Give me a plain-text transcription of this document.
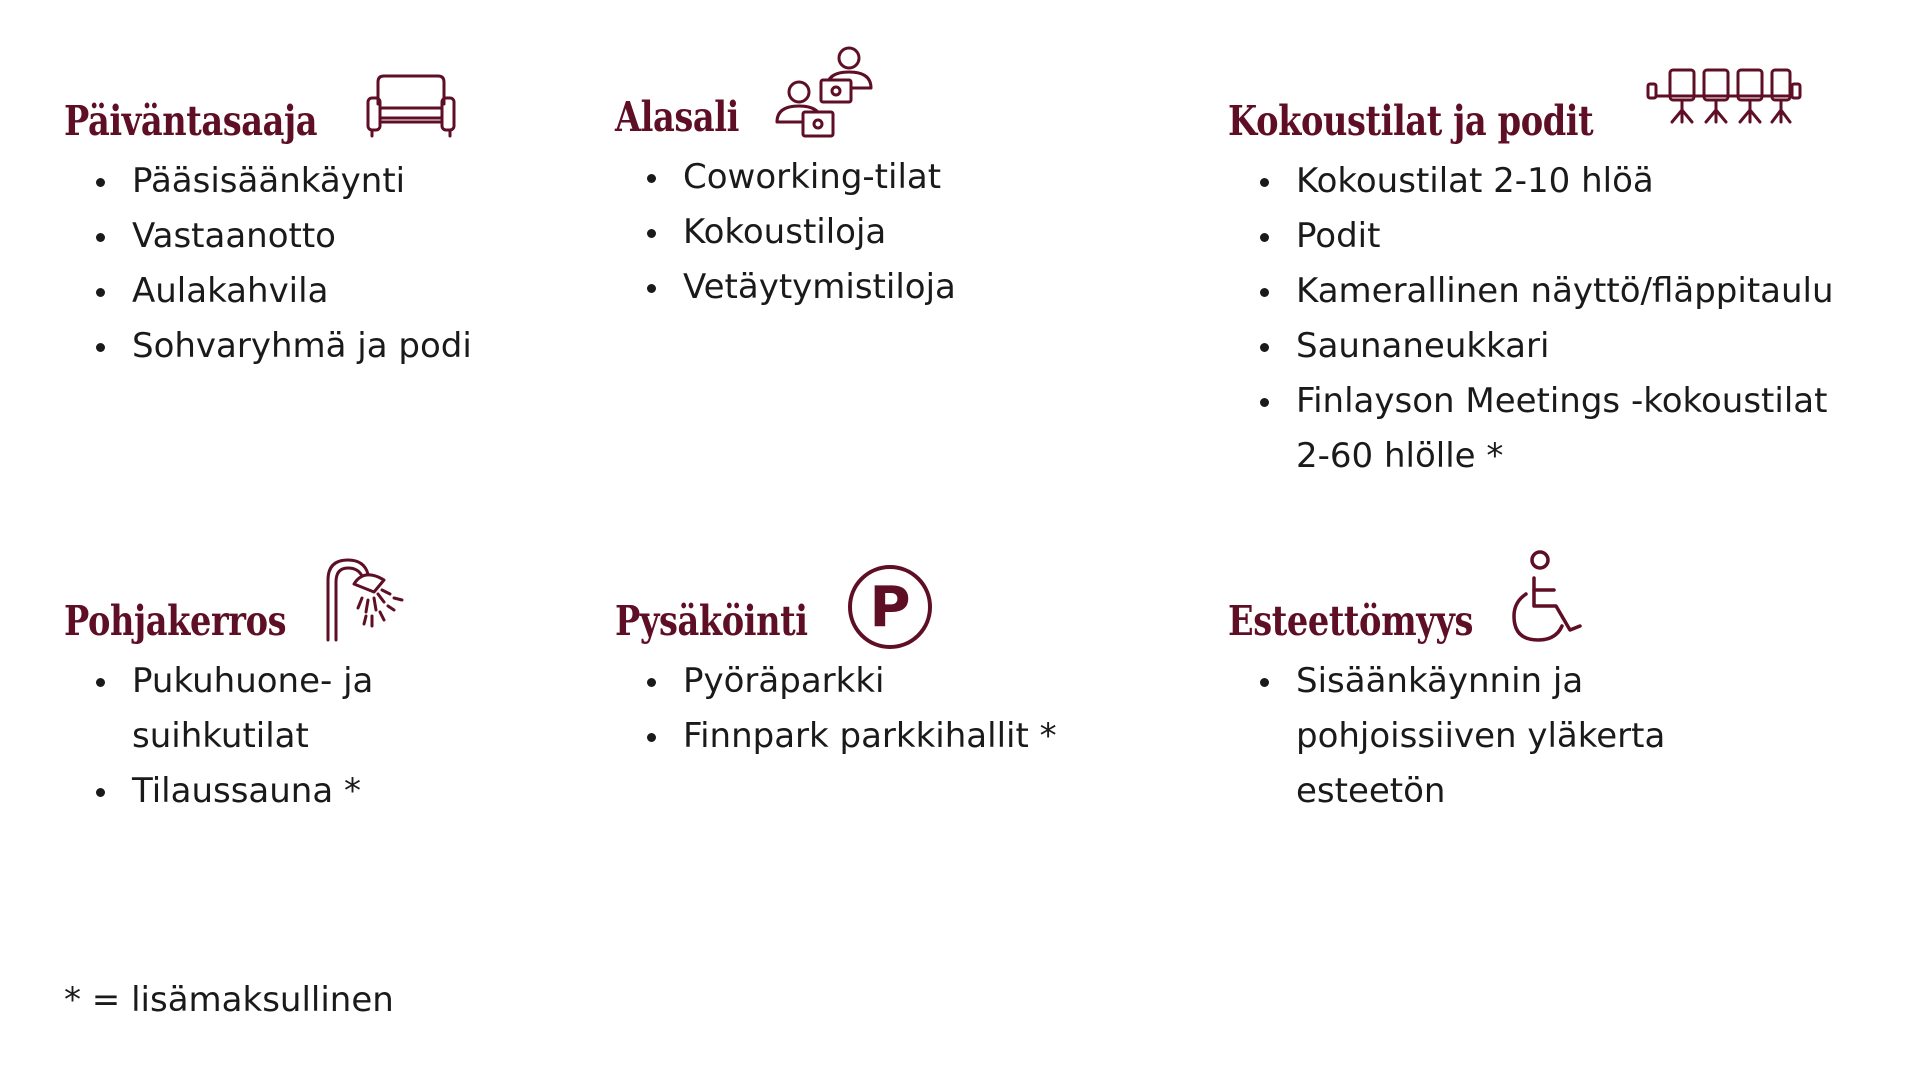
Päiväntasaaja
Pääsisäänkäynti
Vastaanotto
Aulakahvila
Sohvaryhmä ja podi
Alasali
Coworking-tilat
Kokoustiloja
Vetäytymistiloja
Kokoustilat ja podit
Kokoustilat 2-10 hlöä
Podit
Kamerallinen näyttö/fläppitaulu
Saunaneukkari
Finlayson Meetings -kokoustilat
2-60 hlölle *
Pohjakerros
Pukuhuone- ja
suihkutilat
Tilaussauna *
Pysäköinti P
Pyöräparkki
Finnpark parkkihallit *
Esteettömyys
Sisäänkäynnin ja
pohjoissiiven yläkerta
esteetön
* = lisämaksullinen
